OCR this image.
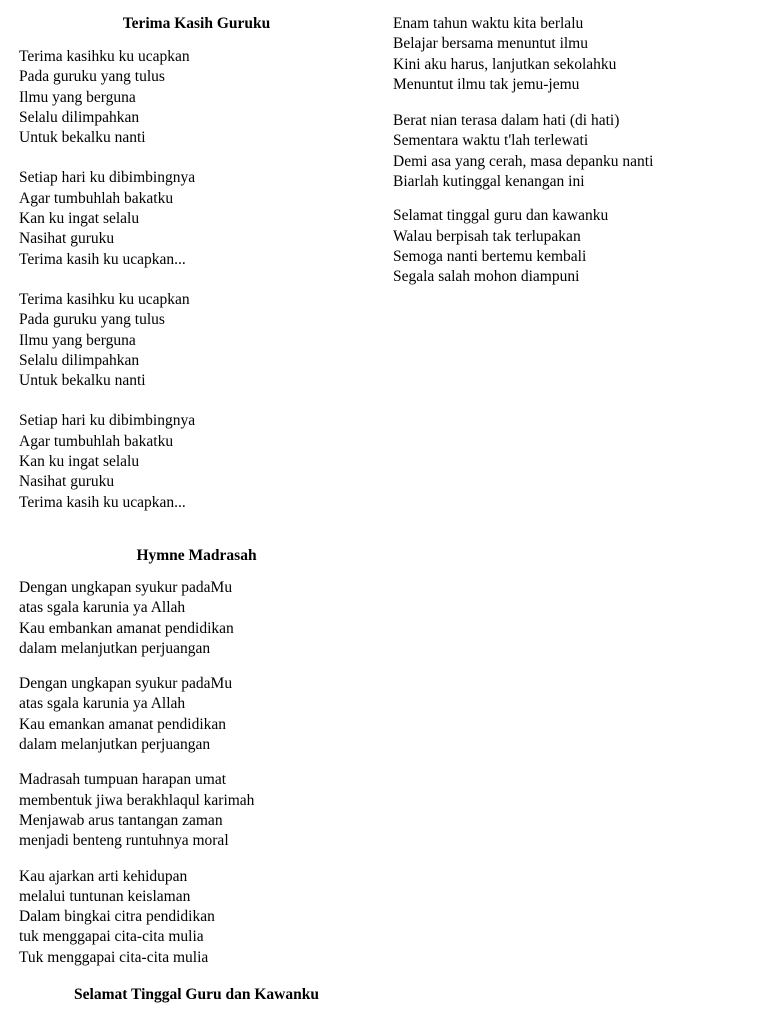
Terima Kasih Guruku
Terima kasihku ku ucapkan
Pada guruku yang tulus
Ilmu yang berguna
Selalu dilimpahkan
Untuk bekalku nanti
Setiap hari ku dibimbingnya
Agar tumbuhlah bakatku
Kan ku ingat selalu
Nasihat guruku
Terima kasih ku ucapkan...
Terima kasihku ku ucapkan
Pada guruku yang tulus
Ilmu yang berguna
Selalu dilimpahkan
Untuk bekalku nanti
Setiap hari ku dibimbingnya
Agar tumbuhlah bakatku
Kan ku ingat selalu
Nasihat guruku
Terima kasih ku ucapkan...
Hymne Madrasah
Dengan ungkapan syukur padaMu
atas sgala karunia ya Allah
Kau embankan amanat pendidikan
dalam melanjutkan perjuangan
Dengan ungkapan syukur padaMu
atas sgala karunia ya Allah
Kau emankan amanat pendidikan
dalam melanjutkan perjuangan
Madrasah tumpuan harapan umat
membentuk jiwa berakhlaqul karimah
Menjawab arus tantangan zaman
menjadi benteng runtuhnya moral
Kau ajarkan arti kehidupan
melalui tuntunan keislaman
Dalam bingkai citra pendidikan
tuk menggapai cita-cita mulia
Tuk menggapai cita-cita mulia
Selamat Tinggal Guru dan Kawanku
Enam tahun waktu kita berlalu
Belajar bersama menuntut ilmu
Kini aku harus, lanjutkan sekolahku
Menuntut ilmu tak jemu-jemu
Berat nian terasa dalam hati (di hati)
Sementara waktu t'lah terlewati
Demi asa yang cerah, masa depanku nanti
Biarlah kutinggal kenangan ini
Selamat tinggal guru dan kawanku
Walau berpisah tak terlupakan
Semoga nanti bertemu kembali
Segala salah mohon diampuni
